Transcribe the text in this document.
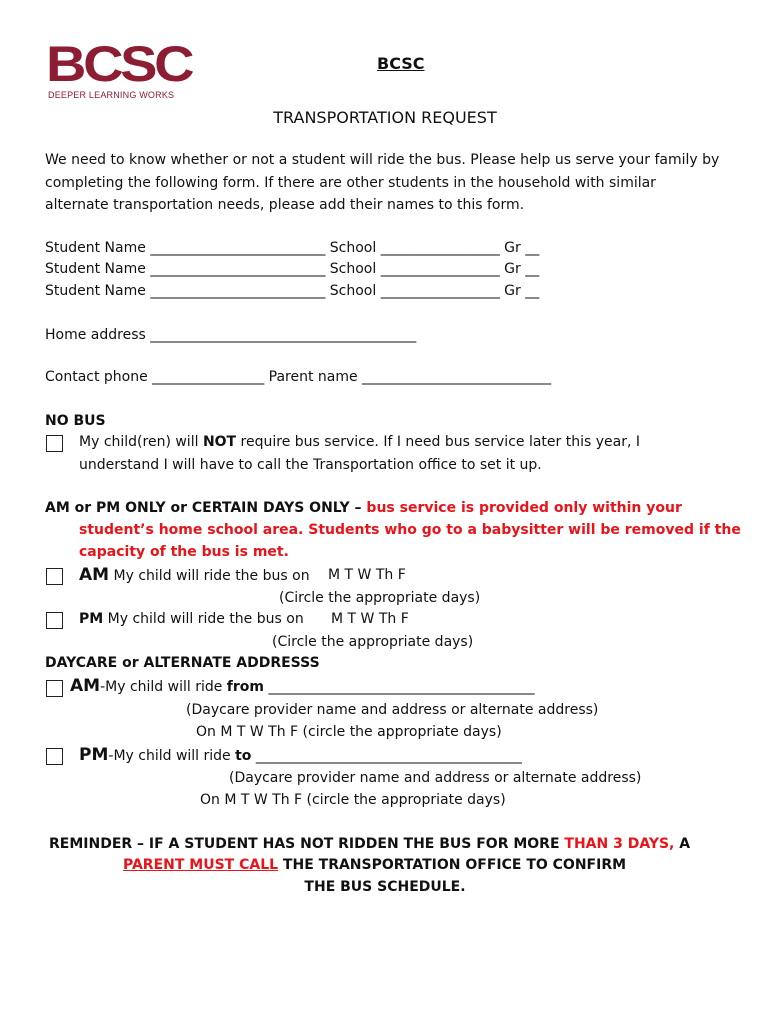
BCSC
DEEPER LEARNING WORKS
BCSC
TRANSPORTATION REQUEST
We need to know whether or not a student will ride the bus. Please help us serve your family by
completing the following form. If there are other students in the household with similar
alternate transportation needs, please add their names to this form.
Student Name _________________________ School _________________ Gr __
Student Name _________________________ School _________________ Gr __
Student Name _________________________ School _________________ Gr __
Home address ______________________________________
Contact phone ________________ Parent name ___________________________
NO BUS
My child(ren) will NOT require bus service. If I need bus service later this year, I
understand I will have to call the Transportation office to set it up.
AM or PM ONLY or CERTAIN DAYS ONLY – bus service is provided only within your
student’s home school area. Students who go to a babysitter will be removed if the
capacity of the bus is met.
AM My child will ride the bus on M T W Th F
(Circle the appropriate days)
PM My child will ride the bus on M T W Th F
(Circle the appropriate days)
DAYCARE or ALTERNATE ADDRESSS
AM-My child will ride from ______________________________________
(Daycare provider name and address or alternate address)
On M T W Th F (circle the appropriate days)
PM-My child will ride to ______________________________________
(Daycare provider name and address or alternate address)
On M T W Th F (circle the appropriate days)
REMINDER – IF A STUDENT HAS NOT RIDDEN THE BUS FOR MORE THAN 3 DAYS, A
PARENT MUST CALL THE TRANSPORTATION OFFICE TO CONFIRM
THE BUS SCHEDULE.
